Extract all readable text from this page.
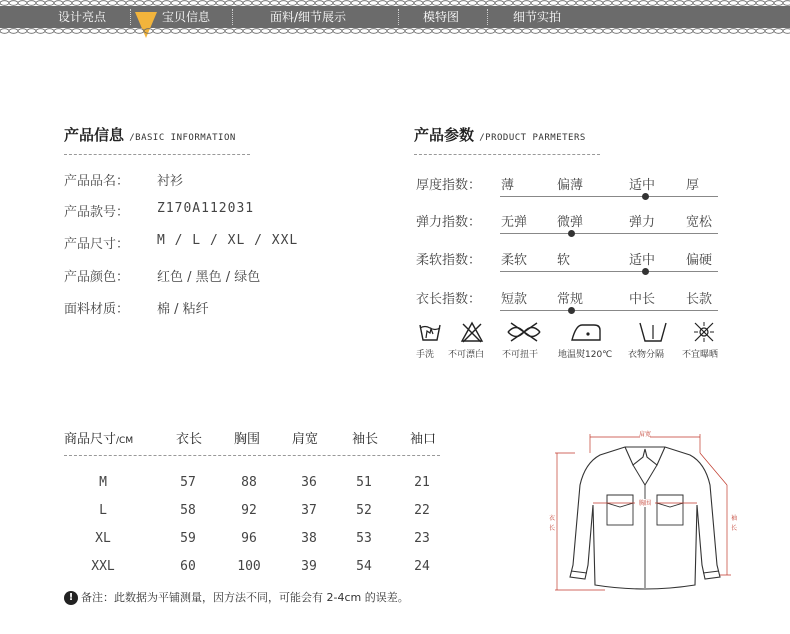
设计亮点	宝贝信息	面料/细节展示	模特图	细节实拍
产品信息 /BASIC INFORMATION
产品品名： 衬衫
产品款号： Z170A112031
产品尺寸： M / L / XL / XXL
产品颜色： 红色 / 黑色 / 绿色
面料材质： 棉 / 粘纤
产品参数 /PRODUCT PARMETERS
厚度指数： 薄	偏薄	适中 厚
弹力指数： 无弹 微弹	弹力 宽松
柔软指数： 柔软 软	适中 偏硬
衣长指数： 短款 常规	中长 长款
手洗 不可漂白 不可扭干 地温熨120℃ 衣物分隔 不宜曝晒
商品尺寸/CM	衣长 胸围 肩宽	袖长 袖口
M	57	88	36	51	21
L	58	92	37	52	22
XL	59	96	38	53	23
XXL	60	100	39	54	24
! 备注：此数据为平铺测量，因方法不同，可能会有 2-4cm 的误差。
肩宽
衣
长
袖
长
胸围
